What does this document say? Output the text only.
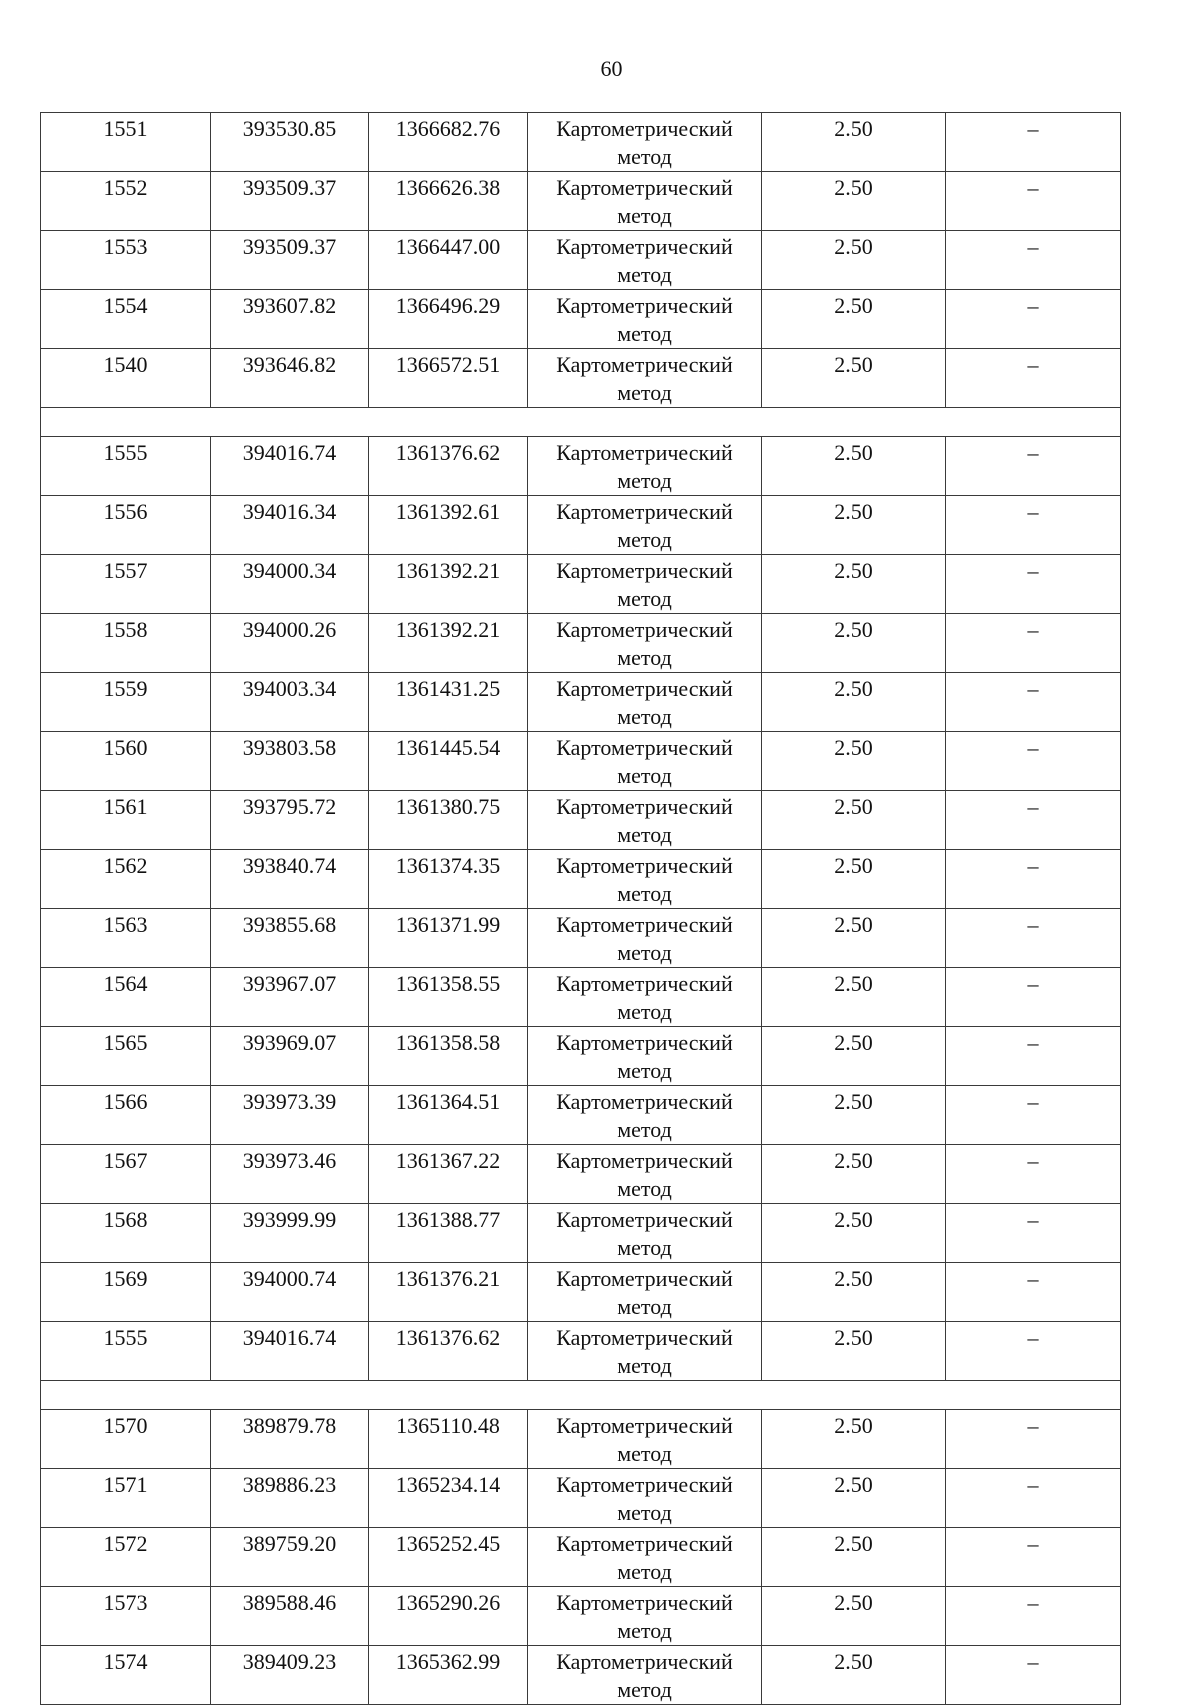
60
1551	393530.85	1366682.76	Картометрический метод	2.50	–
1552	393509.37	1366626.38	Картометрический метод	2.50	–
1553	393509.37	1366447.00	Картометрический метод	2.50	–
1554	393607.82	1366496.29	Картометрический метод	2.50	–
1540	393646.82	1366572.51	Картометрический метод	2.50	–

1555	394016.74	1361376.62	Картометрический метод	2.50	–
1556	394016.34	1361392.61	Картометрический метод	2.50	–
1557	394000.34	1361392.21	Картометрический метод	2.50	–
1558	394000.26	1361392.21	Картометрический метод	2.50	–
1559	394003.34	1361431.25	Картометрический метод	2.50	–
1560	393803.58	1361445.54	Картометрический метод	2.50	–
1561	393795.72	1361380.75	Картометрический метод	2.50	–
1562	393840.74	1361374.35	Картометрический метод	2.50	–
1563	393855.68	1361371.99	Картометрический метод	2.50	–
1564	393967.07	1361358.55	Картометрический метод	2.50	–
1565	393969.07	1361358.58	Картометрический метод	2.50	–
1566	393973.39	1361364.51	Картометрический метод	2.50	–
1567	393973.46	1361367.22	Картометрический метод	2.50	–
1568	393999.99	1361388.77	Картометрический метод	2.50	–
1569	394000.74	1361376.21	Картометрический метод	2.50	–
1555	394016.74	1361376.62	Картометрический метод	2.50	–

1570	389879.78	1365110.48	Картометрический метод	2.50	–
1571	389886.23	1365234.14	Картометрический метод	2.50	–
1572	389759.20	1365252.45	Картометрический метод	2.50	–
1573	389588.46	1365290.26	Картометрический метод	2.50	–
1574	389409.23	1365362.99	Картометрический метод	2.50	–
